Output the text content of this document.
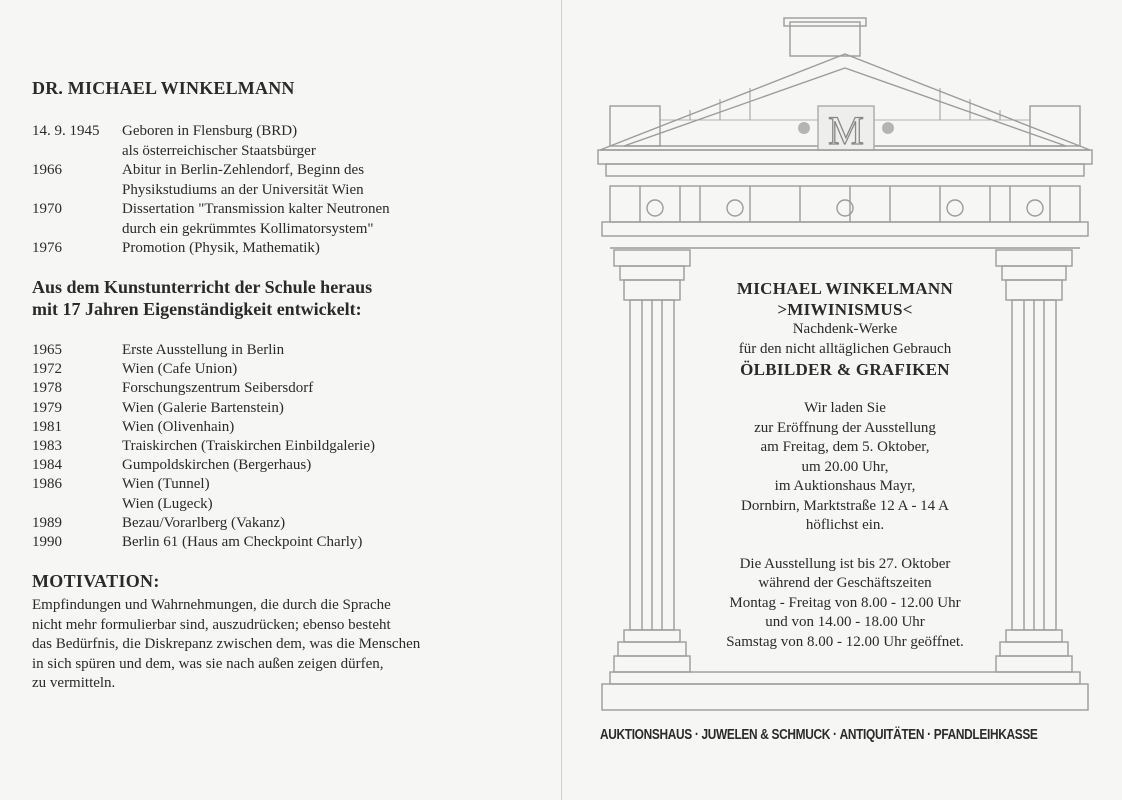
DR. MICHAEL WINKELMANN
14. 9. 1945	Geboren in Flensburg (BRD)
als österreichischer Staatsbürger
1966	Abitur in Berlin-Zehlendorf, Beginn des
Physikstudiums an der Universität Wien
1970	Dissertation "Transmission kalter Neutronen
durch ein gekrümmtes Kollimatorsystem"
1976	Promotion (Physik, Mathematik)
Aus dem Kunstunterricht der Schule heraus
mit 17 Jahren Eigenständigkeit entwickelt:
1965	Erste Ausstellung in Berlin
1972	Wien (Cafe Union)
1978	Forschungszentrum Seibersdorf
1979	Wien (Galerie Bartenstein)
1981	Wien (Olivenhain)
1983	Traiskirchen (Traiskirchen Einbildgalerie)
1984	Gumpoldskirchen (Bergerhaus)
1986	Wien (Tunnel)
Wien (Lugeck)
1989	Bezau/Vorarlberg (Vakanz)
1990	Berlin 61 (Haus am Checkpoint Charly)
MOTIVATION:
Empfindungen und Wahrnehmungen, die durch die Sprache
nicht mehr formulierbar sind, auszudrücken; ebenso besteht
das Bedürfnis, die Diskrepanz zwischen dem, was die Menschen
in sich spüren und dem, was sie nach außen zeigen dürfen,
zu vermitteln.
M
MICHAEL WINKELMANN
>MIWINISMUS<
Nachdenk-Werke
für den nicht alltäglichen Gebrauch
ÖLBILDER & GRAFIKEN
Wir laden Sie
zur Eröffnung der Ausstellung
am Freitag, dem 5. Oktober,
um 20.00 Uhr,
im Auktionshaus Mayr,
Dornbirn, Marktstraße 12 A - 14 A
höflichst ein.
Die Ausstellung ist bis 27. Oktober
während der Geschäftszeiten
Montag - Freitag von 8.00 - 12.00 Uhr
und von 14.00 - 18.00 Uhr
Samstag von 8.00 - 12.00 Uhr geöffnet.
AUKTIONSHAUS · JUWELEN & SCHMUCK · ANTIQUITÄTEN · PFANDLEIHKASSE
